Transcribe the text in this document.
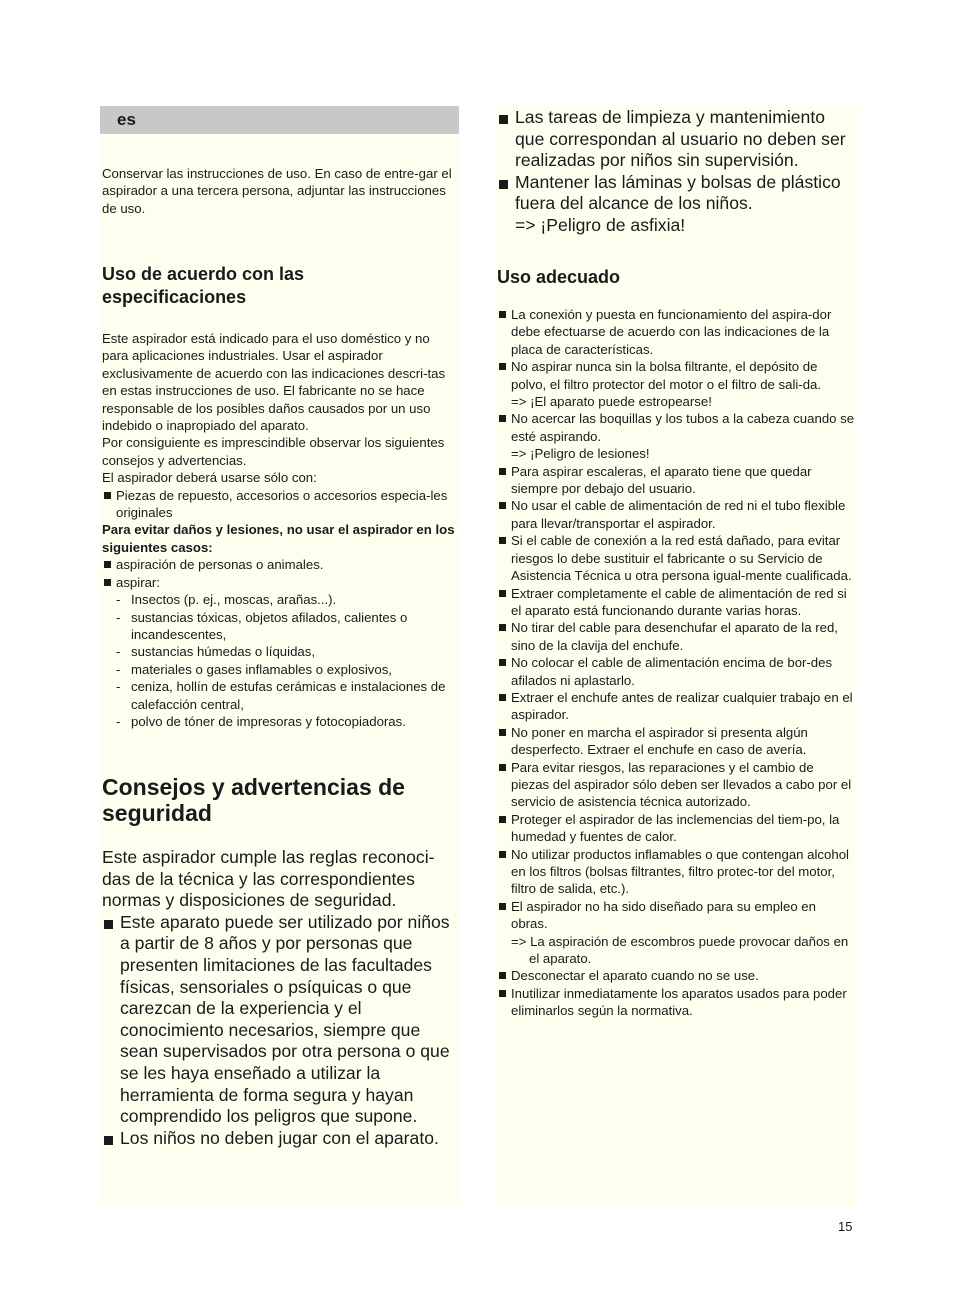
es

Conservar las instrucciones de uso. En caso de entre-gar el aspirador a una tercera persona, adjuntar las instrucciones de uso.

Uso de acuerdo con las especificaciones

Este aspirador está indicado para el uso doméstico y no para aplicaciones industriales. Usar el aspirador exclusivamente de acuerdo con las indicaciones descri-tas en estas instrucciones de uso. El fabricante no se hace responsable de los posibles daños causados por un uso indebido o inapropiado del aparato.

Por consiguiente es imprescindible observar los siguientes consejos y advertencias.

El aspirador deberá usarse sólo con:

Piezas de repuesto, accesorios o accesorios especia-les originales

Para evitar daños y lesiones, no usar el aspirador en los siguientes casos:

aspiración de personas o animales.
aspirar:
- Insectos (p. ej., moscas, arañas...).
- sustancias tóxicas, objetos afilados, calientes o incandescentes,
- sustancias húmedas o líquidas,
- materiales o gases inflamables o explosivos,
- ceniza, hollín de estufas cerámicas e instalaciones de calefacción central,
- polvo de tóner de impresoras y fotocopiadoras.
Consejos y advertencias de seguridad

Este aspirador cumple las reglas reconoci-das de la técnica y las correspondientes normas y disposiciones de seguridad.

Este aparato puede ser utilizado por niños a partir de 8 años y por personas que presenten limitaciones de las facultades físicas, sensoriales o psíquicas o que carezcan de la experiencia y el conocimiento necesarios, siempre que sean supervisados por otra persona o que se les haya enseñado a utilizar la herramienta de forma segura y hayan comprendido los peligros que supone.
Los niños no deben jugar con el aparato.
Las tareas de limpieza y mantenimiento que correspondan al usuario no deben ser realizadas por niños sin supervisión.
Mantener las láminas y bolsas de plástico fuera del alcance de los niños.
=> ¡Peligro de asfixia!
Uso adecuado
La conexión y puesta en funcionamiento del aspira-dor debe efectuarse de acuerdo con las indicaciones de la placa de características.
No aspirar nunca sin la bolsa filtrante, el depósito de polvo, el filtro protector del motor o el filtro de sali-da.
=> ¡El aparato puede estropearse!
No acercar las boquillas y los tubos a la cabeza cuando se esté aspirando.
=> ¡Peligro de lesiones!
Para aspirar escaleras, el aparato tiene que quedar siempre por debajo del usuario.
No usar el cable de alimentación de red ni el tubo flexible para llevar/transportar el aspirador.
Si el cable de conexión a la red está dañado, para evitar riesgos lo debe sustituir el fabricante o su Servicio de Asistencia Técnica u otra persona igual-mente cualificada.
Extraer completamente el cable de alimentación de red si el aparato está funcionando durante varias horas.
No tirar del cable para desenchufar el aparato de la red, sino de la clavija del enchufe.
No colocar el cable de alimentación encima de bor-des afilados ni aplastarlo.
Extraer el enchufe antes de realizar cualquier trabajo en el aspirador.
No poner en marcha el aspirador si presenta algún desperfecto. Extraer el enchufe en caso de avería.
Para evitar riesgos, las reparaciones y el cambio de piezas del aspirador sólo deben ser llevados a cabo por el servicio de asistencia técnica autorizado.
Proteger el aspirador de las inclemencias del tiem-po, la humedad y fuentes de calor.
No utilizar productos inflamables o que contengan alcohol en los filtros (bolsas filtrantes, filtro protec-tor del motor, filtro de salida, etc.).
El aspirador no ha sido diseñado para su empleo en obras.
=> La aspiración de escombros puede provocar daños en el aparato.
Desconectar el aparato cuando no se use.
Inutilizar inmediatamente los aparatos usados para poder eliminarlos según la normativa.
15
